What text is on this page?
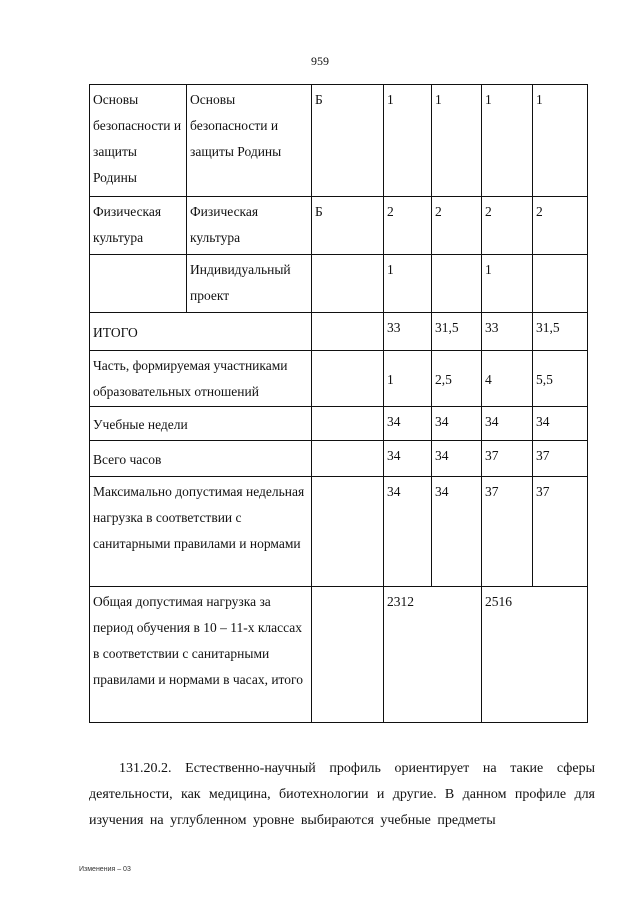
959
Основы безопасности и защиты Родины	Основы безопасности и защиты Родины	Б	1	1	1	1
Физическая культура	Физическая культура	Б	2	2	2	2
	Индивидуальный проект		1		1	
ИТОГО			33	31,5	33	31,5
Часть, формируемая участниками образовательных отношений			1	2,5	4	5,5
Учебные недели			34	34	34	34
Всего часов			34	34	37	37
Максимально допустимая недельная нагрузка в соответствии с санитарными правилами и нормами			34	34	37	37
Общая допустимая нагрузка за период обучения в 10 – 11-х классах в соответствии с санитарными правилами и нормами в часах, итого			2312		2516	
131.20.2. Естественно-научный профиль ориентирует на такие сферы деятельности, как медицина, биотехнологии и другие. В данном профиле для изучения на углубленном уровне выбираются учебные предметы
Изменения – 03
